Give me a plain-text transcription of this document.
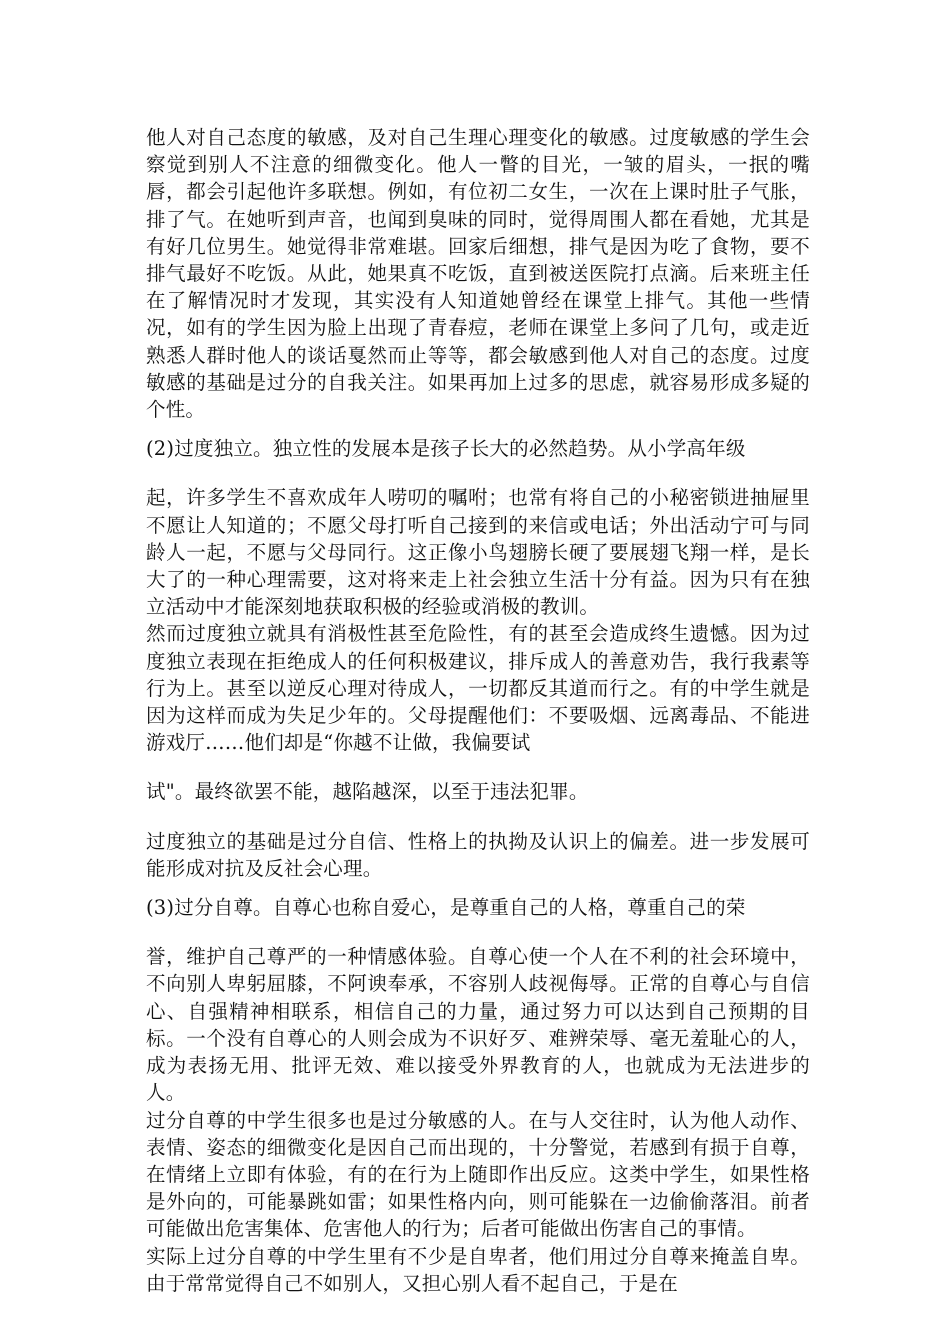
他人对自己态度的敏感，及对自己生理心理变化的敏感。过度敏感的学生会察觉到别人不注意的细微变化。他人一瞥的目光，一皱的眉头，一抿的嘴唇，都会引起他许多联想。例如，有位初二女生，一次在上课时肚子气胀，排了气。在她听到声音，也闻到臭味的同时，觉得周围人都在看她，尤其是有好几位男生。她觉得非常难堪。回家后细想，排气是因为吃了食物，要不排气最好不吃饭。从此，她果真不吃饭，直到被送医院打点滴。后来班主任在了解情况时才发现，其实没有人知道她曾经在课堂上排气。其他一些情况，如有的学生因为脸上出现了青春痘，老师在课堂上多问了几句，或走近熟悉人群时他人的谈话戛然而止等等，都会敏感到他人对自己的态度。过度敏感的基础是过分的自我关注。如果再加上过多的思虑，就容易形成多疑的个性。

(2)过度独立。独立性的发展本是孩子长大的必然趋势。从小学高年级

起，许多学生不喜欢成年人唠叨的嘱咐；也常有将自己的小秘密锁进抽屉里不愿让人知道的；不愿父母打听自己接到的来信或电话；外出活动宁可与同龄人一起，不愿与父母同行。这正像小鸟翅膀长硬了要展翅飞翔一样，是长大了的一种心理需要，这对将来走上社会独立生活十分有益。因为只有在独立活动中才能深刻地获取积极的经验或消极的教训。

然而过度独立就具有消极性甚至危险性，有的甚至会造成终生遗憾。因为过度独立表现在拒绝成人的任何积极建议，排斥成人的善意劝告，我行我素等行为上。甚至以逆反心理对待成人，一切都反其道而行之。有的中学生就是因为这样而成为失足少年的。父母提醒他们：不要吸烟、远离毒品、不能进游戏厅……他们却是“你越不让做，我偏要试

试"。最终欲罢不能，越陷越深，以至于违法犯罪。

过度独立的基础是过分自信、性格上的执拗及认识上的偏差。进一步发展可能形成对抗及反社会心理。

(3)过分自尊。自尊心也称自爱心，是尊重自己的人格，尊重自己的荣

誉，维护自己尊严的一种情感体验。自尊心使一个人在不利的社会环境中，不向别人卑躬屈膝，不阿谀奉承，不容别人歧视侮辱。正常的自尊心与自信心、自强精神相联系，相信自己的力量，通过努力可以达到自己预期的目标。一个没有自尊心的人则会成为不识好歹、难辨荣辱、毫无羞耻心的人，成为表扬无用、批评无效、难以接受外界教育的人，也就成为无法进步的人。

过分自尊的中学生很多也是过分敏感的人。在与人交往时，认为他人动作、表情、姿态的细微变化是因自己而出现的，十分警觉，若感到有损于自尊，在情绪上立即有体验，有的在行为上随即作出反应。这类中学生，如果性格是外向的，可能暴跳如雷；如果性格内向，则可能躲在一边偷偷落泪。前者可能做出危害集体、危害他人的行为；后者可能做出伤害自己的事情。

实际上过分自尊的中学生里有不少是自卑者，他们用过分自尊来掩盖自卑。由于常常觉得自己不如别人，又担心别人看不起自己，于是在
